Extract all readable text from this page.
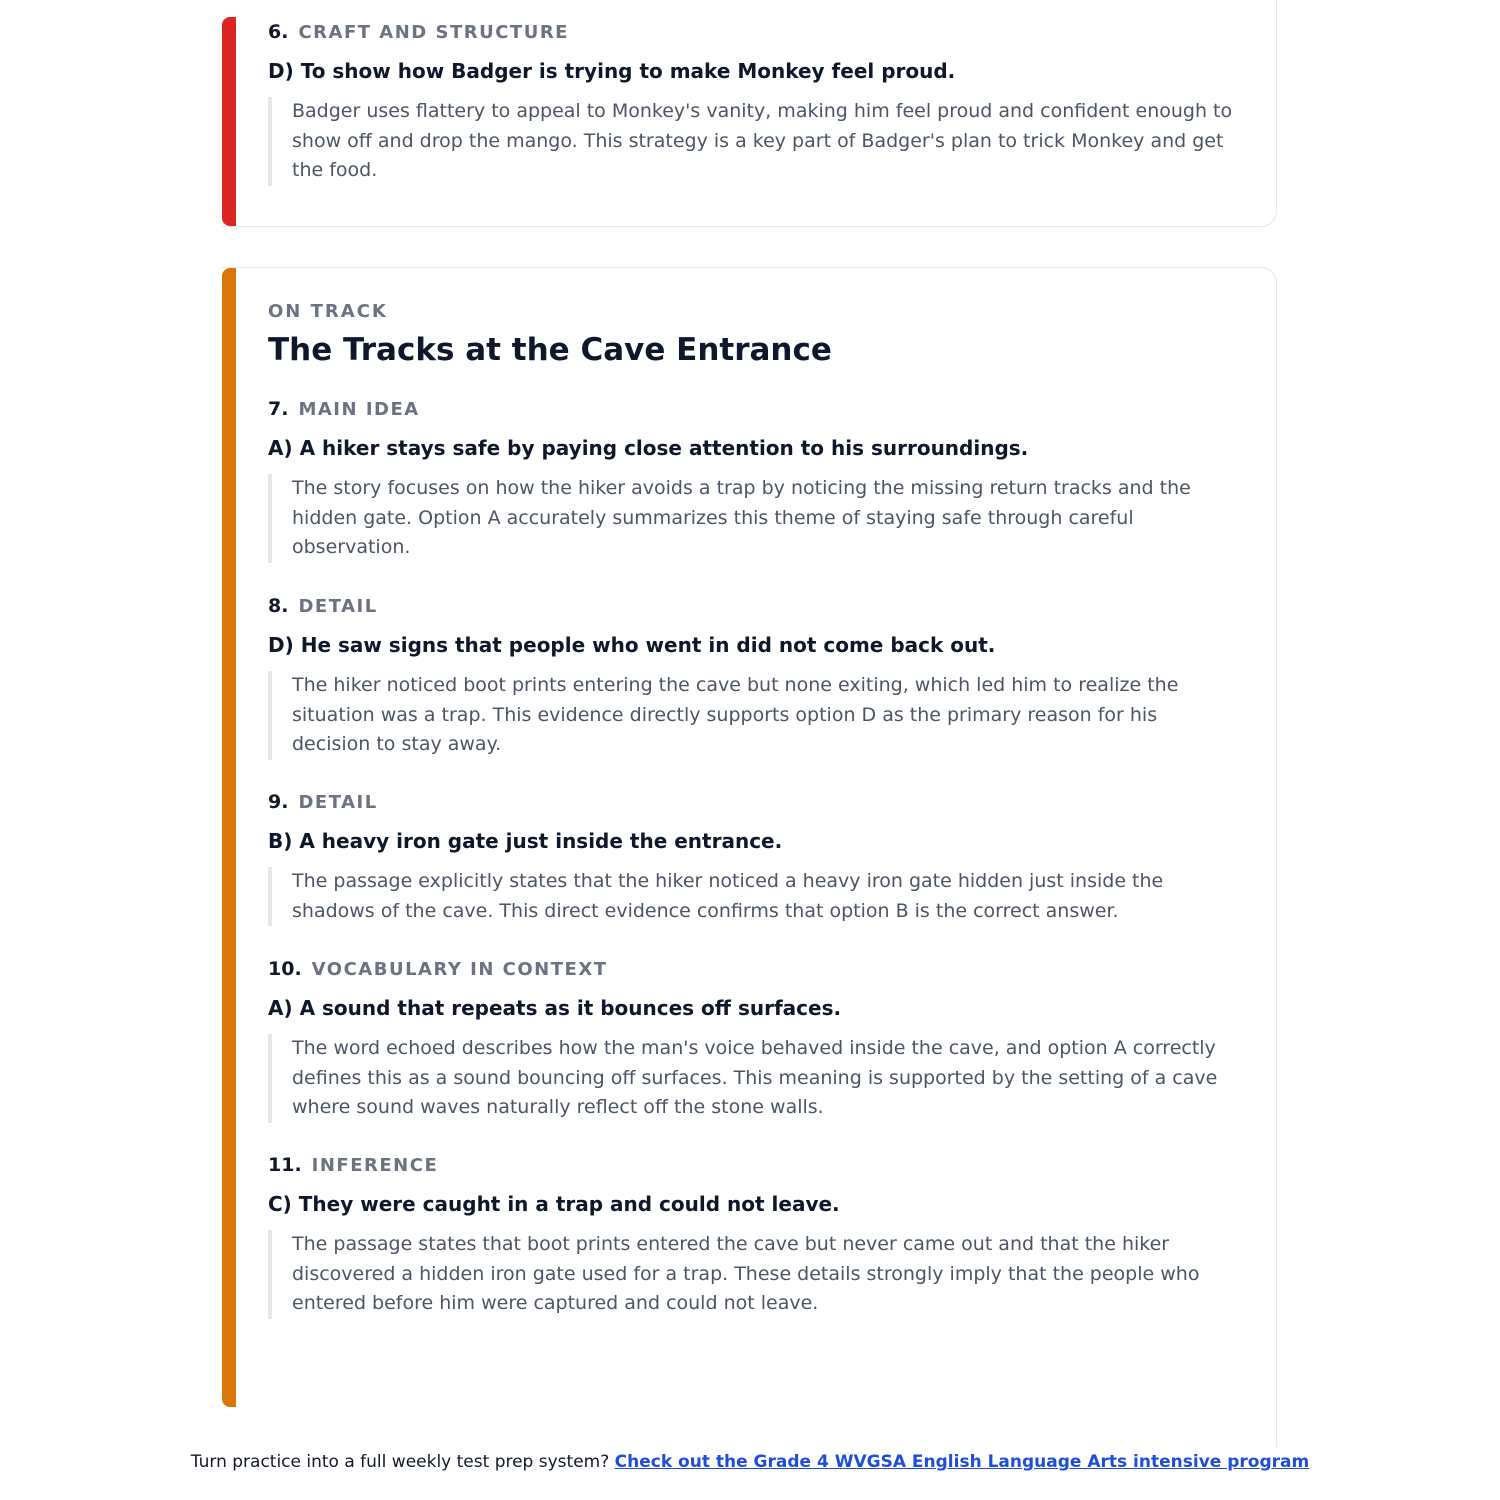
6. CRAFT AND STRUCTURE
D) To show how Badger is trying to make Monkey feel proud.
Badger uses flattery to appeal to Monkey's vanity, making him feel proud and confident enough to show off and drop the mango. This strategy is a key part of Badger's plan to trick Monkey and get the food.
ON TRACK
The Tracks at the Cave Entrance
7. MAIN IDEA
A) A hiker stays safe by paying close attention to his surroundings.
The story focuses on how the hiker avoids a trap by noticing the missing return tracks and the hidden gate. Option A accurately summarizes this theme of staying safe through careful observation.
8. DETAIL
D) He saw signs that people who went in did not come back out.
The hiker noticed boot prints entering the cave but none exiting, which led him to realize the situation was a trap. This evidence directly supports option D as the primary reason for his decision to stay away.
9. DETAIL
B) A heavy iron gate just inside the entrance.
The passage explicitly states that the hiker noticed a heavy iron gate hidden just inside the shadows of the cave. This direct evidence confirms that option B is the correct answer.
10. VOCABULARY IN CONTEXT
A) A sound that repeats as it bounces off surfaces.
The word echoed describes how the man's voice behaved inside the cave, and option A correctly defines this as a sound bouncing off surfaces. This meaning is supported by the setting of a cave where sound waves naturally reflect off the stone walls.
11. INFERENCE
C) They were caught in a trap and could not leave.
The passage states that boot prints entered the cave but never came out and that the hiker discovered a hidden iron gate used for a trap. These details strongly imply that the people who entered before him were captured and could not leave.
Turn practice into a full weekly test prep system? Check out the Grade 4 WVGSA English Language Arts intensive program
